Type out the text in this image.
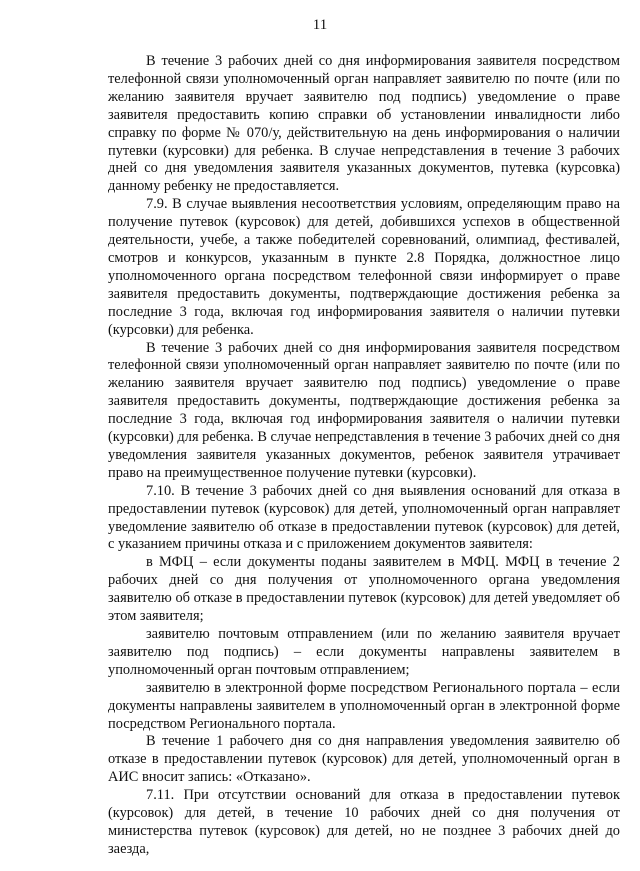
11

В течение 3 рабочих дней со дня информирования заявителя посредством телефонной связи уполномоченный орган направляет заявителю по почте (или по желанию заявителя вручает заявителю под подпись) уведомление о праве заявителя предоставить копию справки об установлении инвалидности либо справку по форме № 070/у, действительную на день информирования о наличии путевки (курсовки) для ребенка. В случае непредставления в течение 3 рабочих дней со дня уведомления заявителя указанных документов, путевка (курсовка) данному ребенку не предоставляется.

7.9. В случае выявления несоответствия условиям, определяющим право на получение путевок (курсовок) для детей, добившихся успехов в общественной деятельности, учебе, а также победителей соревнований, олимпиад, фестивалей, смотров и конкурсов, указанным в пункте 2.8 Порядка, должностное лицо уполномоченного органа посредством телефонной связи информирует о праве заявителя предоставить документы, подтверждающие достижения ребенка за последние 3 года, включая год информирования заявителя о наличии путевки (курсовки) для ребенка.

В течение 3 рабочих дней со дня информирования заявителя посредством телефонной связи уполномоченный орган направляет заявителю по почте (или по желанию заявителя вручает заявителю под подпись) уведомление о праве заявителя предоставить документы, подтверждающие достижения ребенка за последние 3 года, включая год информирования заявителя о наличии путевки (курсовки) для ребенка. В случае непредставления в течение 3 рабочих дней со дня уведомления заявителя указанных документов, ребенок заявителя утрачивает право на преимущественное получение путевки (курсовки).

7.10. В течение 3 рабочих дней со дня выявления оснований для отказа в предоставлении путевок (курсовок) для детей, уполномоченный орган направляет уведомление заявителю об отказе в предоставлении путевок (курсовок) для детей, с указанием причины отказа и с приложением документов заявителя:

в МФЦ – если документы поданы заявителем в МФЦ. МФЦ в течение 2 рабочих дней со дня получения от уполномоченного органа уведомления заявителю об отказе в предоставлении путевок (курсовок) для детей уведомляет об этом заявителя;

заявителю почтовым отправлением (или по желанию заявителя вручает заявителю под подпись) – если документы направлены заявителем в уполномоченный орган почтовым отправлением;

заявителю в электронной форме посредством Регионального портала – если документы направлены заявителем в уполномоченный орган в электронной форме посредством Регионального портала.

В течение 1 рабочего дня со дня направления уведомления заявителю об отказе в предоставлении путевок (курсовок) для детей, уполномоченный орган в АИС вносит запись: «Отказано».

7.11. При отсутствии оснований для отказа в предоставлении путевок (курсовок) для детей, в течение 10 рабочих дней со дня получения от министерства путевок (курсовок) для детей, но не позднее 3 рабочих дней до заезда,
